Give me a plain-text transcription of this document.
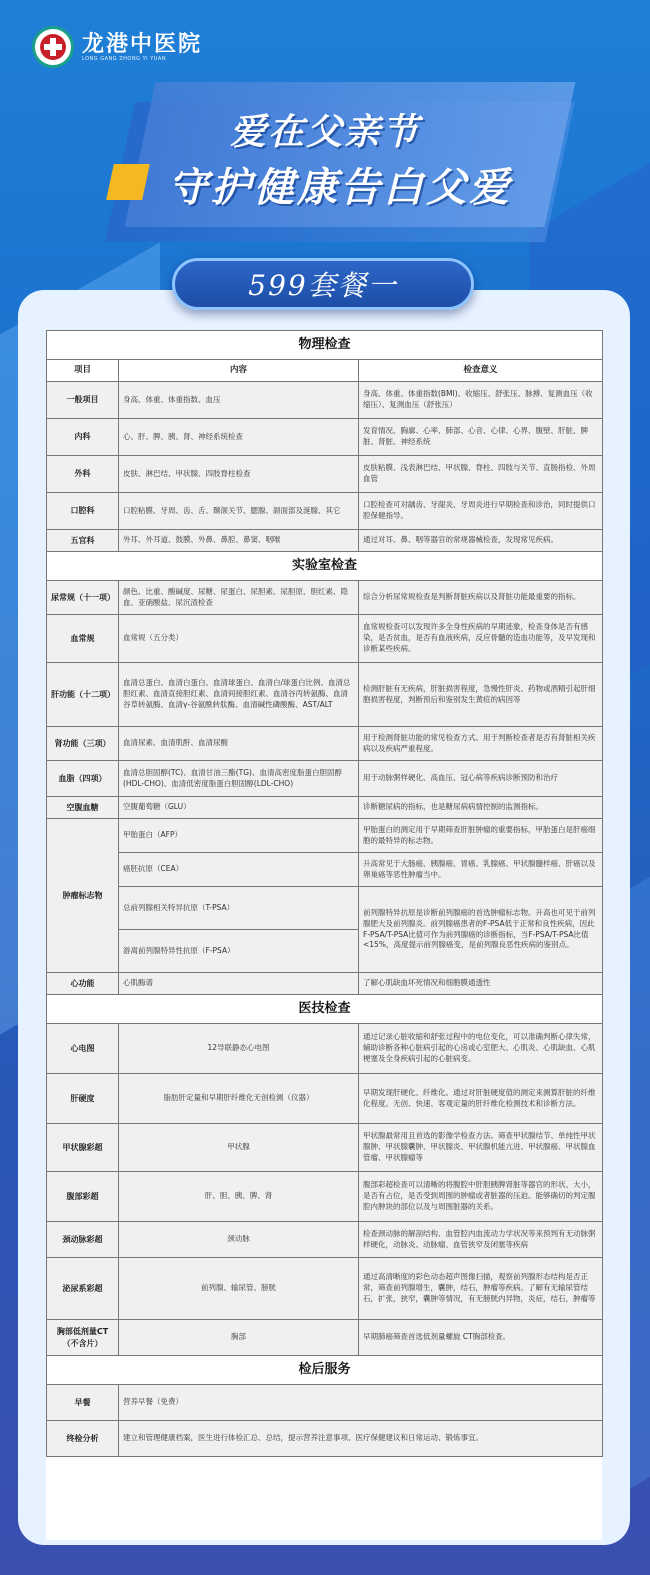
龙港中医院
LONG GANG ZHONG YI YUAN
爱在父亲节
守护健康告白父爱
物理检查		
项目	内容	检查意义
一般项目	身高、体重、体重指数、血压	身高、体重、体重指数(BMI)、收缩压、舒张压、脉搏、复测血压（收缩压）、复测血压（舒张压）
内科	心、肝、脾、胰、肾、神经系统检查	发育情况、胸廓、心率、肺部、心音、心律、心界、腹壁、肝脏、脾脏、肾脏、神经系统
外科	皮肤、淋巴结、甲状腺、四肢脊柱检查	皮肤粘膜、浅表淋巴结、甲状腺、脊柱、四肢与关节、直肠指检、外周血管
口腔科	口腔粘膜、牙周、齿、舌、颞颌关节、腮腺、颌面部及涎腺、其它	口腔检查可对龋齿、牙龈炎、牙周炎进行早期检查和诊治，同时提供口腔保健指导。
五官科	外耳、外耳道、鼓膜、外鼻、鼻腔、鼻窦、咽喉	通过对耳、鼻、咽等器官的常规器械检查，发现常见疾病。
实验室检查		
尿常规（十一项）	颜色、比重、酸碱度、尿糖、尿蛋白、尿胆素、尿胆原、胆红素、隐血、亚硝酸盐、尿沉渣检查	综合分析尿常规检查是判断肾脏疾病以及肾脏功能最重要的指标。
血常规	血常规（五分类）	血常规检查可以发现许多全身性疾病的早期迹象，检查身体是否有感染，是否贫血，是否有血液疾病，反应骨髓的造血功能等，及早发现和诊断某些疾病。
肝功能（十二项）	血清总蛋白、血清白蛋白、血清球蛋白、血清白/球蛋白比例、血清总胆红素、血清直接胆红素、血清间接胆红素、血清谷丙转氨酶、血清谷草转氨酶、血清γ-谷氨酰转肽酶、血清碱性磷酸酶、AST/ALT	检测肝脏有无疾病，肝脏损害程度，急慢性肝炎、药物或酒精引起肝细胞损害程度，判断预后和鉴别发生黄疸的病因等
肾功能（三项）	血清尿素、血清肌酐、血清尿酸	用于检测肾脏功能的常见检查方式。用于判断检查者是否有肾脏相关疾病以及疾病严重程度。
血脂（四项）	血清总胆固醇(TC)、血清甘油三酯(TG)、血清高密度脂蛋白胆固醇(HDL-CHO)、血清低密度脂蛋白胆固醇(LDL-CHO)	用于动脉粥样硬化、高血压、冠心病等疾病诊断预防和治疗
空腹血糖	空腹葡萄糖（GLU）	诊断糖尿病的指标，也是糖尿病病情控制的监测指标。
肿瘤标志物	甲胎蛋白（AFP）	甲胎蛋白的测定用于早期筛查肝脏肿瘤的重要指标，甲胎蛋白是肝癌细胞的最特异的标志物。
	癌胚抗原（CEA）	升高常见于大肠癌、胰腺癌、胃癌、乳腺癌、甲状腺髓样癌、肝癌以及卵巢癌等恶性肿瘤当中。
	总前列腺相关特异抗原（T-PSA）	前列腺特异抗原是诊断前列腺癌的首选肿瘤标志物。升高也可见于前列腺肥大及前列腺炎。前列腺癌患者的F-PSA低于正常和良性疾病，因此F-PSA/T-PSA比值可作为前列腺癌的诊断指标，当F-PSA/T-PSA比值<15%，高度提示前列腺癌变，是前列腺良恶性疾病的鉴别点。
	游离前列腺特异性抗原（F-PSA）	
心功能	心肌酶谱	了解心肌缺血坏死情况和细胞膜通透性
医技检查		
心电图	12导联静态心电图	通过记录心脏收缩和舒张过程中的电位变化，可以准确判断心律失常，辅助诊断各种心脏病引起的心房或心室肥大、心肌炎、心肌缺血、心肌梗塞及全身疾病引起的心脏病变。
肝硬度	脂肪肝定量和早期肝纤维化无创检测（仪器）	早期发现肝硬化、纤维化。通过对肝脏硬度值的测定来测算肝脏的纤维化程度。无创、快速、客观定量的肝纤维化检测技术和诊断方法。
甲状腺彩超	甲状腺	甲状腺最常用且首选的影像学检查方法。筛查甲状腺结节、单纯性甲状腺肿、甲状腺囊肿、甲状腺炎、甲状腺机能亢进、甲状腺癌、甲状腺血管瘤、甲状腺瘤等
腹部彩超	肝、胆、胰、脾、肾	腹部彩超检查可以清晰的将腹腔中肝胆胰脾肾脏等器官的形状、大小，是否有占位，是否受到周围的肿瘤或者脏器的压迫。能够确切的判定腹腔内肿块的部位以及与周围脏器的关系。
颈动脉彩超	颈动脉	检查颈动脉的解剖结构、血管腔内血流动力学状况等来预判有无动脉粥样硬化，动脉炎、动脉瘤、血管狭窄及闭塞等疾病
泌尿系彩超	前列腺、输尿管、膀胱	通过高清晰度的彩色动态超声图像扫描，观察前列腺形态结构是否正常，筛查前列腺增生，囊肿，结石，肿瘤等疾病。了解有无输尿管结石，扩张，狭窄，囊肿等情况，有无膀胱内异物，炎症，结石，肿瘤等
胸部低剂量CT（不含片）	胸部	早期肺癌筛查首选低剂量螺旋 CT胸部检查。
检后服务		
早餐	营养早餐（免费）	
终检分析	建立和管理健康档案，医生进行体检汇总、总结，提示营养注意事项、医疗保健建议和日常运动、锻炼事宜。	
599套餐一
